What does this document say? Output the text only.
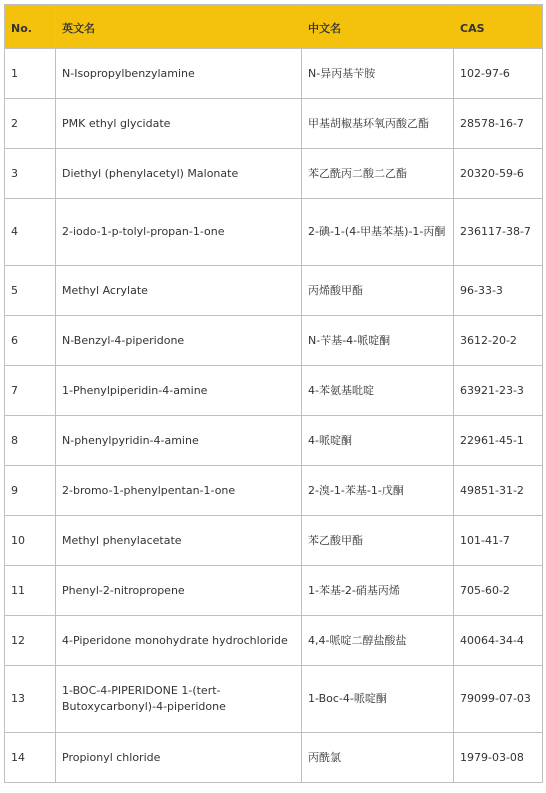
No.	英文名	中文名	CAS
1	N-Isopropylbenzylamine	N-异丙基苄胺	102-97-6
2	PMK ethyl glycidate	甲基胡椒基环氧丙酸乙酯	28578-16-7
3	Diethyl (phenylacetyl) Malonate	苯乙酰丙二酸二乙酯	20320-59-6
4	2-iodo-1-p-tolyl-propan-1-one	2-碘-1-(4-甲基苯基)-1-丙酮	236117-38-7
5	Methyl Acrylate	丙烯酸甲酯	96-33-3
6	N-Benzyl-4-piperidone	N-苄基-4-哌啶酮	3612-20-2
7	1-Phenylpiperidin-4-amine	4-苯氨基吡啶	63921-23-3
8	N-phenylpyridin-4-amine	4-哌啶酮	22961-45-1
9	2-bromo-1-phenylpentan-1-one	2-溴-1-苯基-1-戊酮	49851-31-2
10	Methyl phenylacetate	苯乙酸甲酯	101-41-7
11	Phenyl-2-nitropropene	1-苯基-2-硝基丙烯	705-60-2
12	4-Piperidone monohydrate hydrochloride	4,4-哌啶二醇盐酸盐	40064-34-4
13	1-BOC-4-PIPERIDONE 1-(tert-Butoxycarbonyl)-4-piperidone	1-Boc-4-哌啶酮	79099-07-03
14	Propionyl chloride	丙酰氯	1979-03-08
